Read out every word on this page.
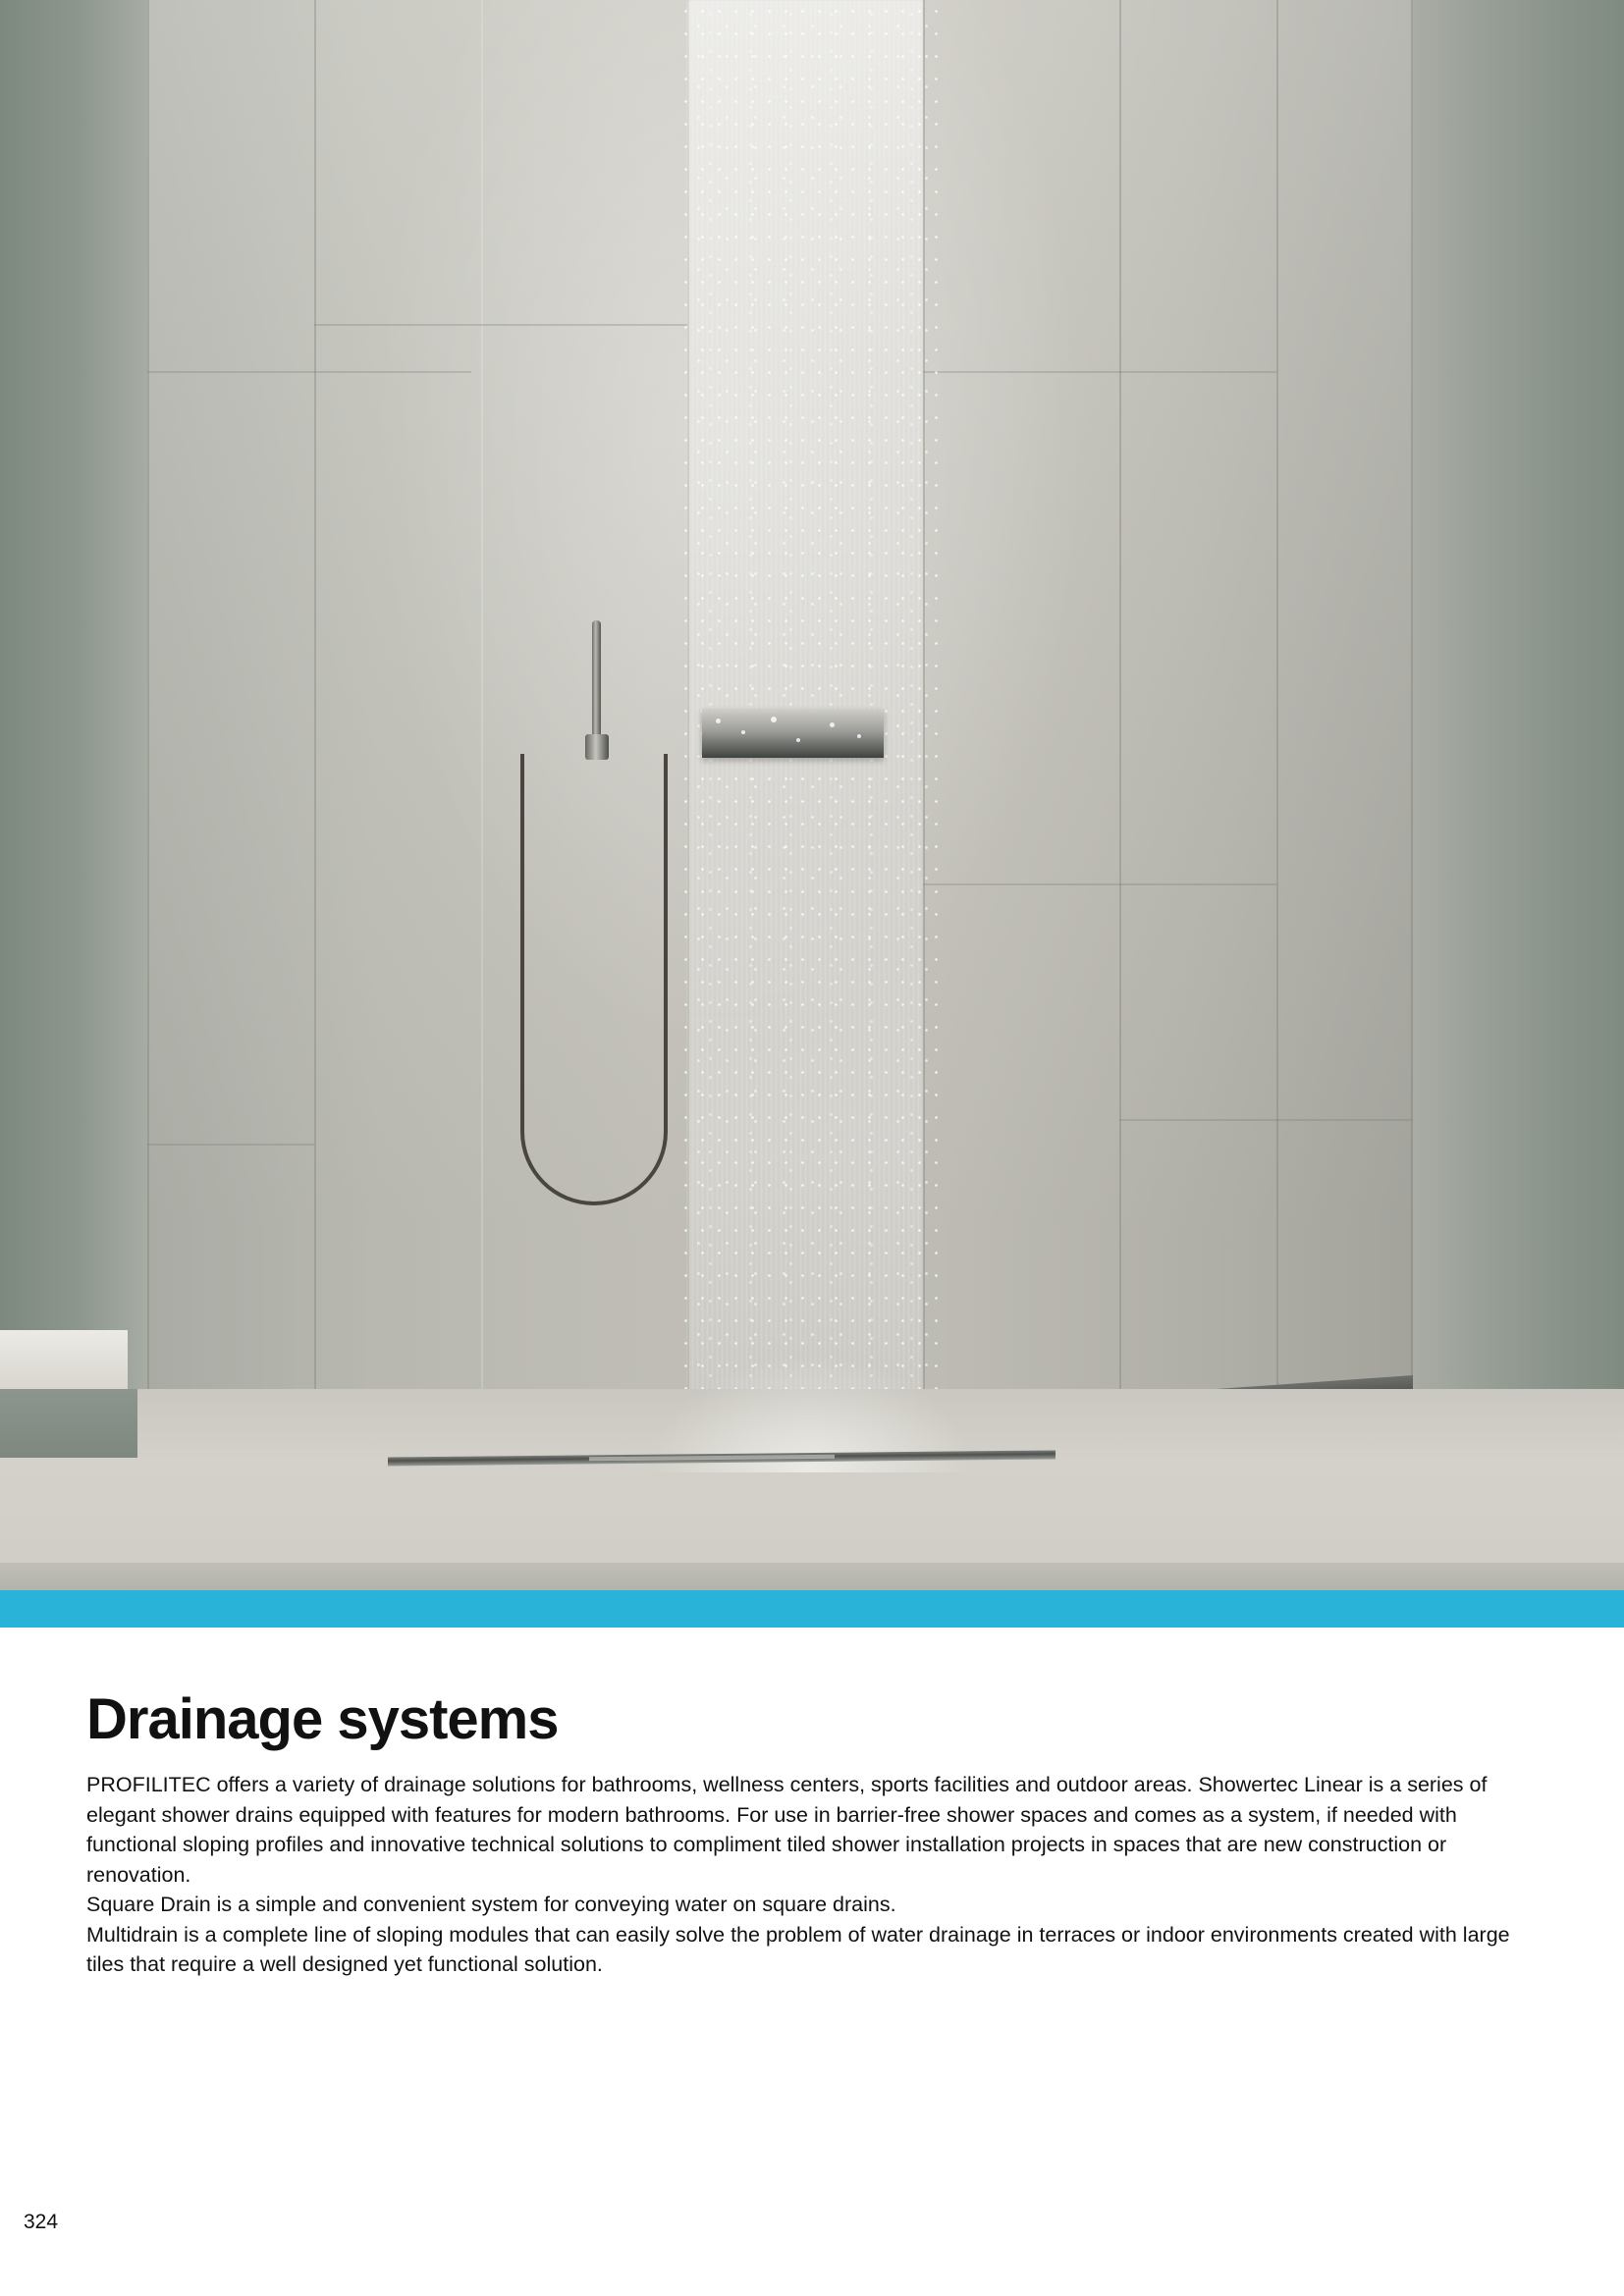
Drainage systems

PROFILITEC offers a variety of drainage solutions for bathrooms, wellness centers, sports facilities and outdoor areas. Showertec Linear is a series of elegant shower drains equipped with features for modern bathrooms. For use in barrier-free shower spaces and comes as a system, if needed with functional sloping profiles and innovative technical solutions to compliment tiled shower installation projects in spaces that are new construction or renovation.

Square Drain is a simple and convenient system for conveying water on square drains.

Multidrain is a complete line of sloping modules that can easily solve the problem of water drainage in terraces or indoor environments created with large tiles that require a well designed yet functional solution.

324
